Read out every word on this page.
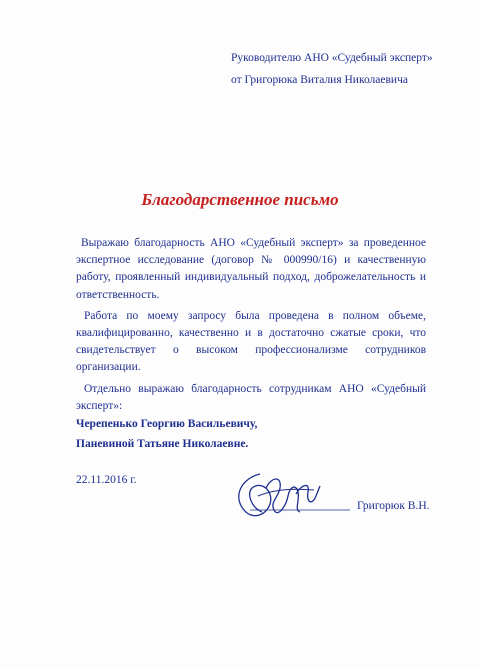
Руководителю АНО «Судебный эксперт»
от Григорюка Виталия Николаевича
Благодарственное письмо

Выражаю благодарность АНО «Судебный эксперт» за проведенное экспертное исследование (договор № 000990/16) и качественную работу, проявленный индивидуальный подход, доброжелательность и ответственность.

Работа по моему запросу была проведена в полном объеме, квалифицированно, качественно и в достаточно сжатые сроки, что свидетельствует о высоком профессионализме сотрудников организации.

Отдельно выражаю благодарность сотрудникам АНО «Судебный эксперт»:

Черепенько Георгию Васильевичу,
Паневиной Татьяне Николаевне.
22.11.2016 г.
Григорюк В.Н.
